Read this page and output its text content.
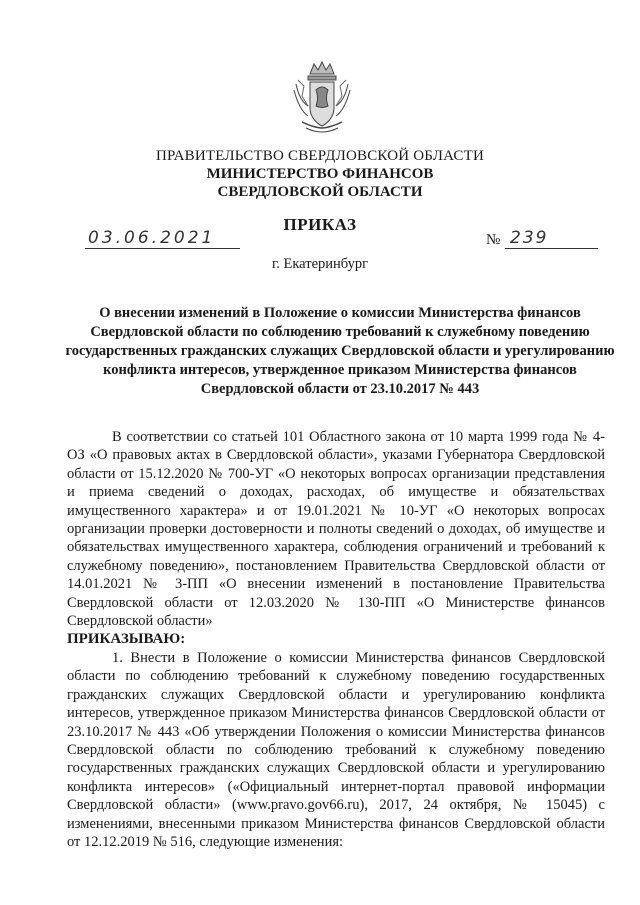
ПРАВИТЕЛЬСТВО СВЕРДЛОВСКОЙ ОБЛАСТИ
МИНИСТЕРСТВО ФИНАНСОВ
СВЕРДЛОВСКОЙ ОБЛАСТИ
ПРИКАЗ
03.06.2021	№ 239
г. Екатеринбург
О внесении изменений в Положение о комиссии Министерства финансов Свердловской области по соблюдению требований к служебному поведению государственных гражданских служащих Свердловской области и урегулированию конфликта интересов, утвержденное приказом Министерства финансов Свердловской области от 23.10.2017 № 443

В соответствии со статьей 101 Областного закона от 10 марта 1999 года № 4-ОЗ «О правовых актах в Свердловской области», указами Губернатора Свердловской области от 15.12.2020 № 700-УГ «О некоторых вопросах организации представления и приема сведений о доходах, расходах, об имуществе и обязательствах имущественного характера» и от 19.01.2021 № 10-УГ «О некоторых вопросах организации проверки достоверности и полноты сведений о доходах, об имуществе и обязательствах имущественного характера, соблюдения ограничений и требований к служебному поведению», постановлением Правительства Свердловской области от 14.01.2021 № 3-ПП «О внесении изменений в постановление Правительства Свердловской области от 12.03.2020 № 130-ПП «О Министерстве финансов Свердловской области»

ПРИКАЗЫВАЮ:

1. Внести в Положение о комиссии Министерства финансов Свердловской области по соблюдению требований к служебному поведению государственных гражданских служащих Свердловской области и урегулированию конфликта интересов, утвержденное приказом Министерства финансов Свердловской области от 23.10.2017 № 443 «Об утверждении Положения о комиссии Министерства финансов Свердловской области по соблюдению требований к служебному поведению государственных гражданских служащих Свердловской области и урегулированию конфликта интересов» («Официальный интернет-портал правовой информации Свердловской области» (www.pravo.gov66.ru), 2017, 24 октября, № 15045) с изменениями, внесенными приказом Министерства финансов Свердловской области от 12.12.2019 № 516, следующие изменения:
